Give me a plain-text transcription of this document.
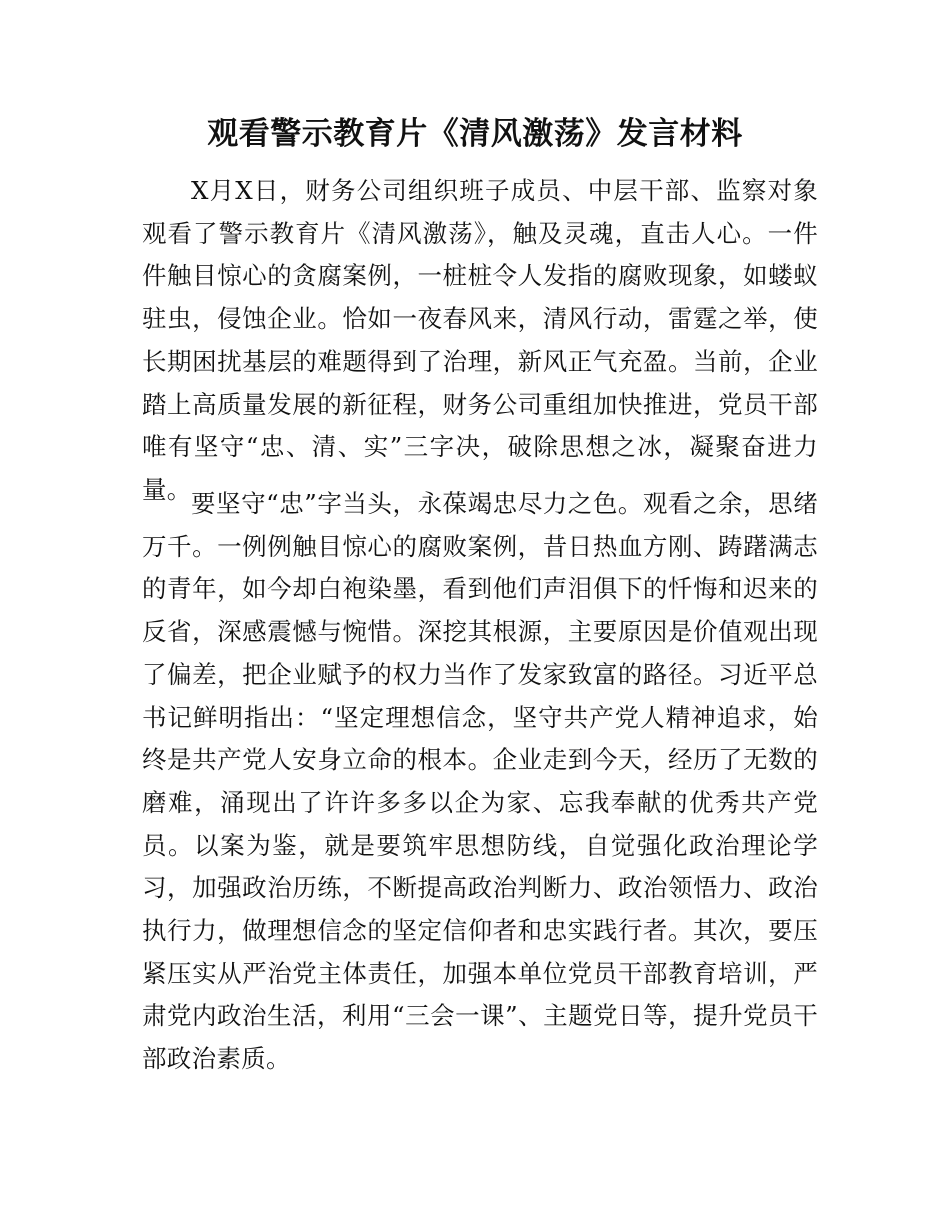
观看警示教育片《清风激荡》发言材料

X月X日，财务公司组织班子成员、中层干部、监察对象观看了警示教育片《清风激荡》，触及灵魂，直击人心。一件件触目惊心的贪腐案例，一桩桩令人发指的腐败现象，如蝼蚁驻虫，侵蚀企业。恰如一夜春风来，清风行动，雷霆之举，使长期困扰基层的难题得到了治理，新风正气充盈。当前，企业踏上高质量发展的新征程，财务公司重组加快推进，党员干部唯有坚守“忠、清、实”三字决，破除思想之冰，凝聚奋进力量。 要坚守“忠”字当头，永葆竭忠尽力之色。观看之余，思绪万千。一例例触目惊心的腐败案例，昔日热血方刚、踌躇满志的青年，如今却白袍染墨，看到他们声泪俱下的忏悔和迟来的反省，深感震憾与惋惜。深挖其根源，主要原因是价值观出现了偏差，把企业赋予的权力当作了发家致富的路径。习近平总书记鲜明指出：“坚定理想信念，坚守共产党人精神追求，始终是共产党人安身立命的根本。企业走到今天，经历了无数的磨难，涌现出了许许多多以企为家、忘我奉献的优秀共产党员。以案为鉴，就是要筑牢思想防线，自觉强化政治理论学习，加强政治历练，不断提高政治判断力、政治领悟力、政治执行力，做理想信念的坚定信仰者和忠实践行者。其次，要压紧压实从严治党主体责任，加强本单位党员干部教育培训，严肃党内政治生活，利用“三会一课”、主题党日等，提升党员干部政治素质。
